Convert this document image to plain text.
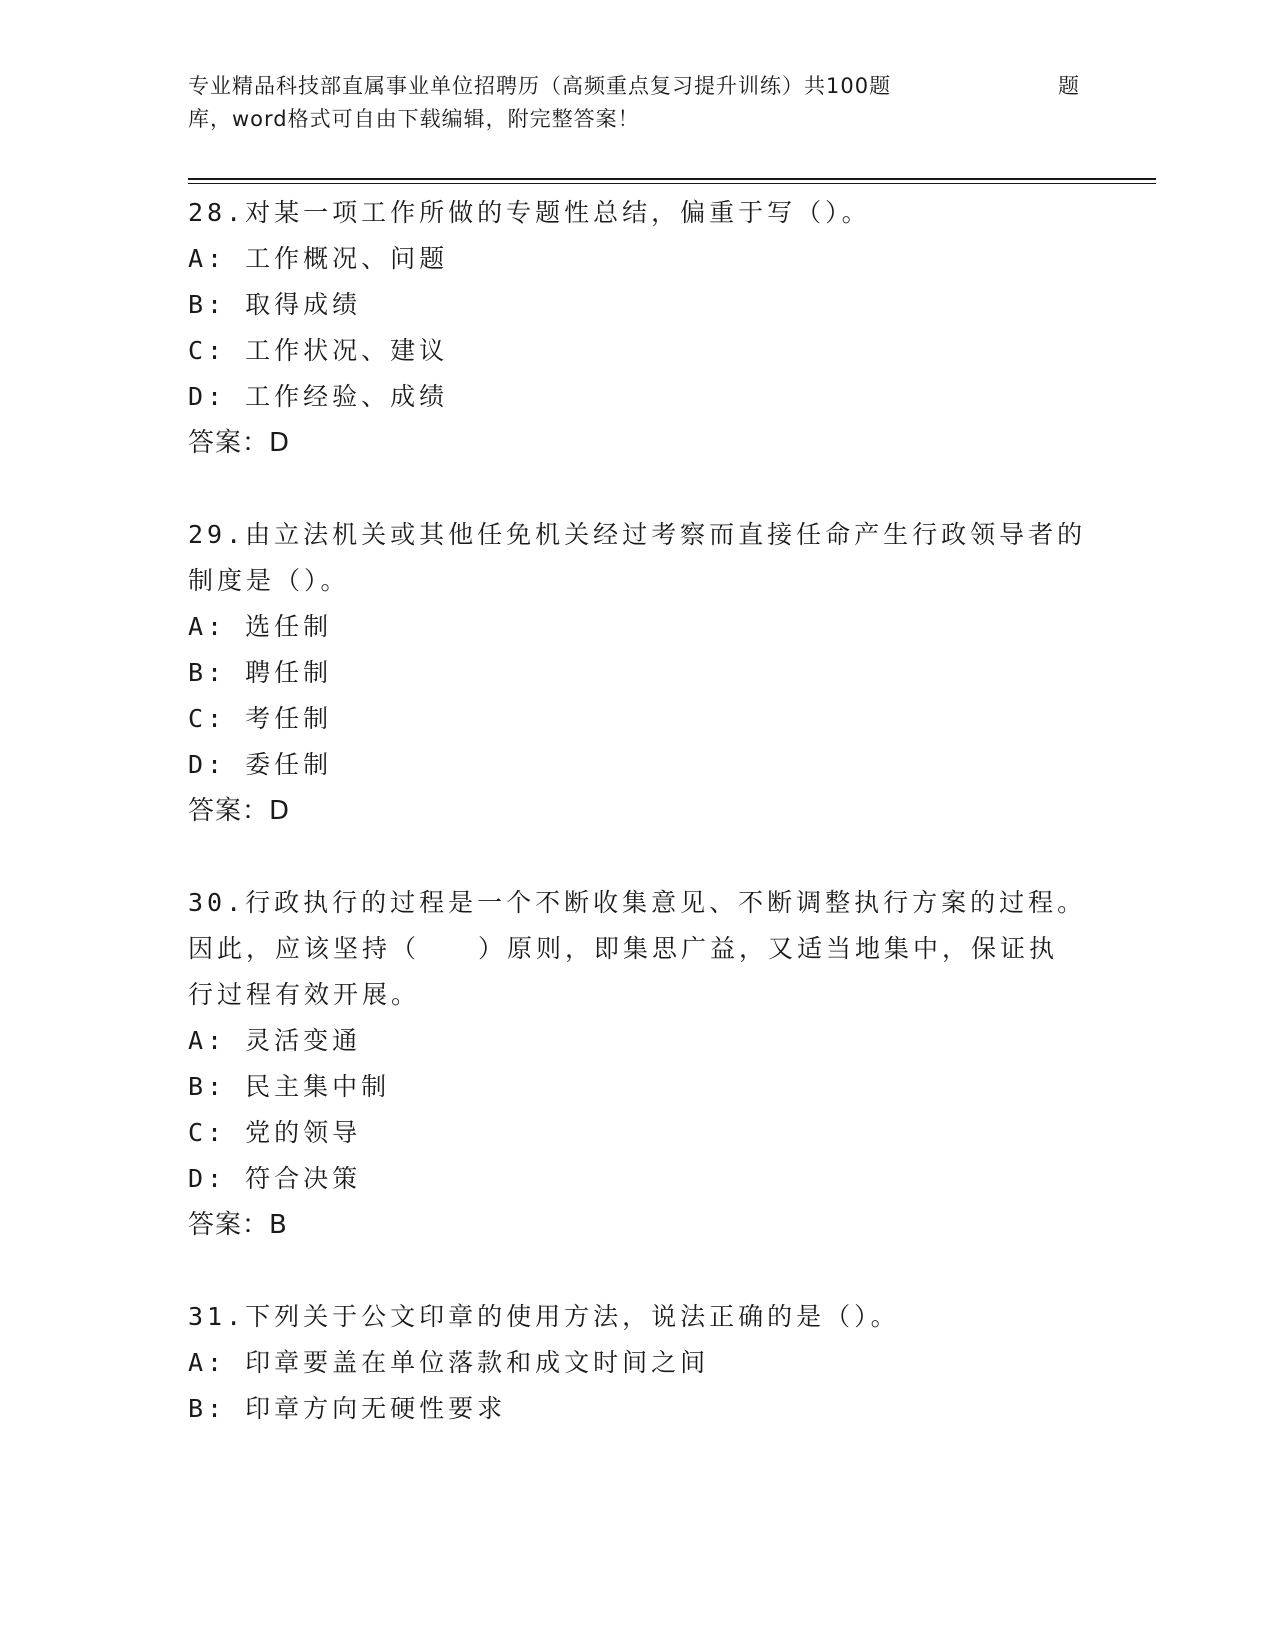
专业精品科技部直属事业单位招聘历（高频重点复习提升训练）共100题	题
库，word格式可自由下载编辑，附完整答案！
28.对某一项工作所做的专题性总结，偏重于写（）。
A: 工作概况、问题
B: 取得成绩
C: 工作状况、建议
D: 工作经验、成绩
答案：D
29.由立法机关或其他任免机关经过考察而直接任命产生行政领导者的
制度是（）。
A: 选任制
B: 聘任制
C: 考任制
D: 委任制
答案：D
30.行政执行的过程是一个不断收集意见、不断调整执行方案的过程。
因此，应该坚持（　　）原则，即集思广益，又适当地集中，保证执
行过程有效开展。
A: 灵活变通
B: 民主集中制
C: 党的领导
D: 符合决策
答案：B
31.下列关于公文印章的使用方法，说法正确的是（）。
A: 印章要盖在单位落款和成文时间之间
B: 印章方向无硬性要求
